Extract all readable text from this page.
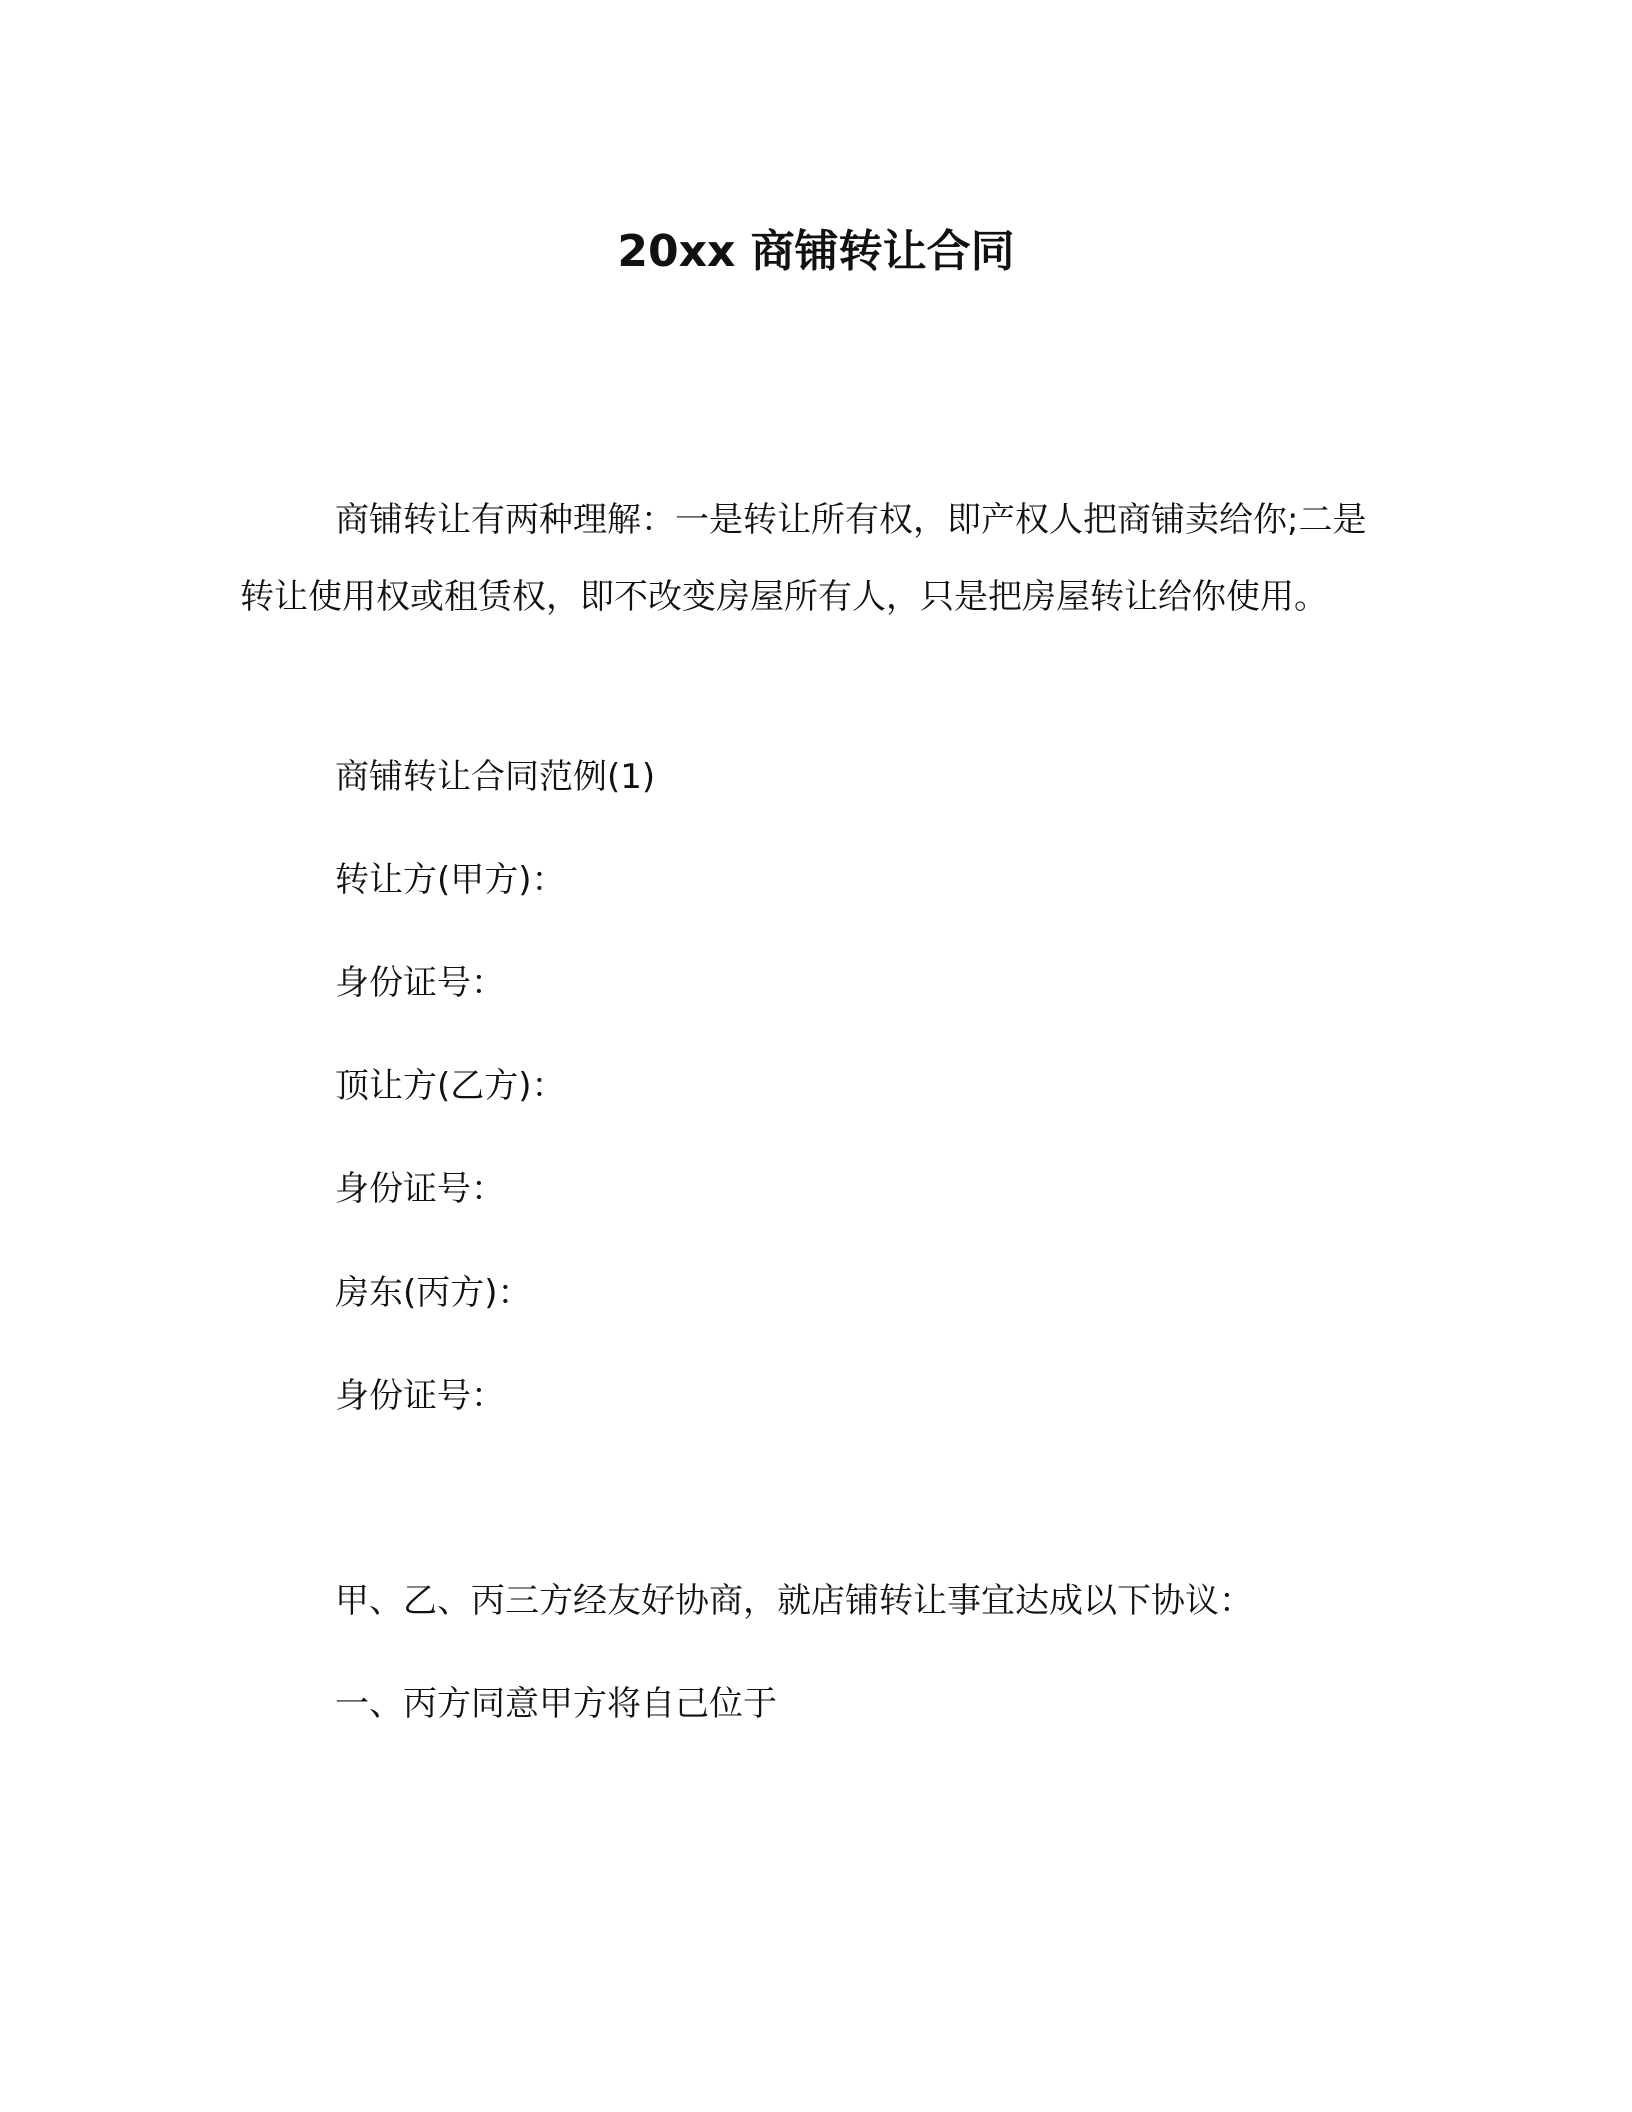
20xx 商铺转让合同

商铺转让有两种理解：一是转让所有权，即产权人把商铺卖给你;二是转让使用权或租赁权，即不改变房屋所有人，只是把房屋转让给你使用。

商铺转让合同范例(1)

转让方(甲方)：

身份证号：

顶让方(乙方)：

身份证号：

房东(丙方)：

身份证号：

甲、乙、丙三方经友好协商，就店铺转让事宜达成以下协议：

一、丙方同意甲方将自己位于
